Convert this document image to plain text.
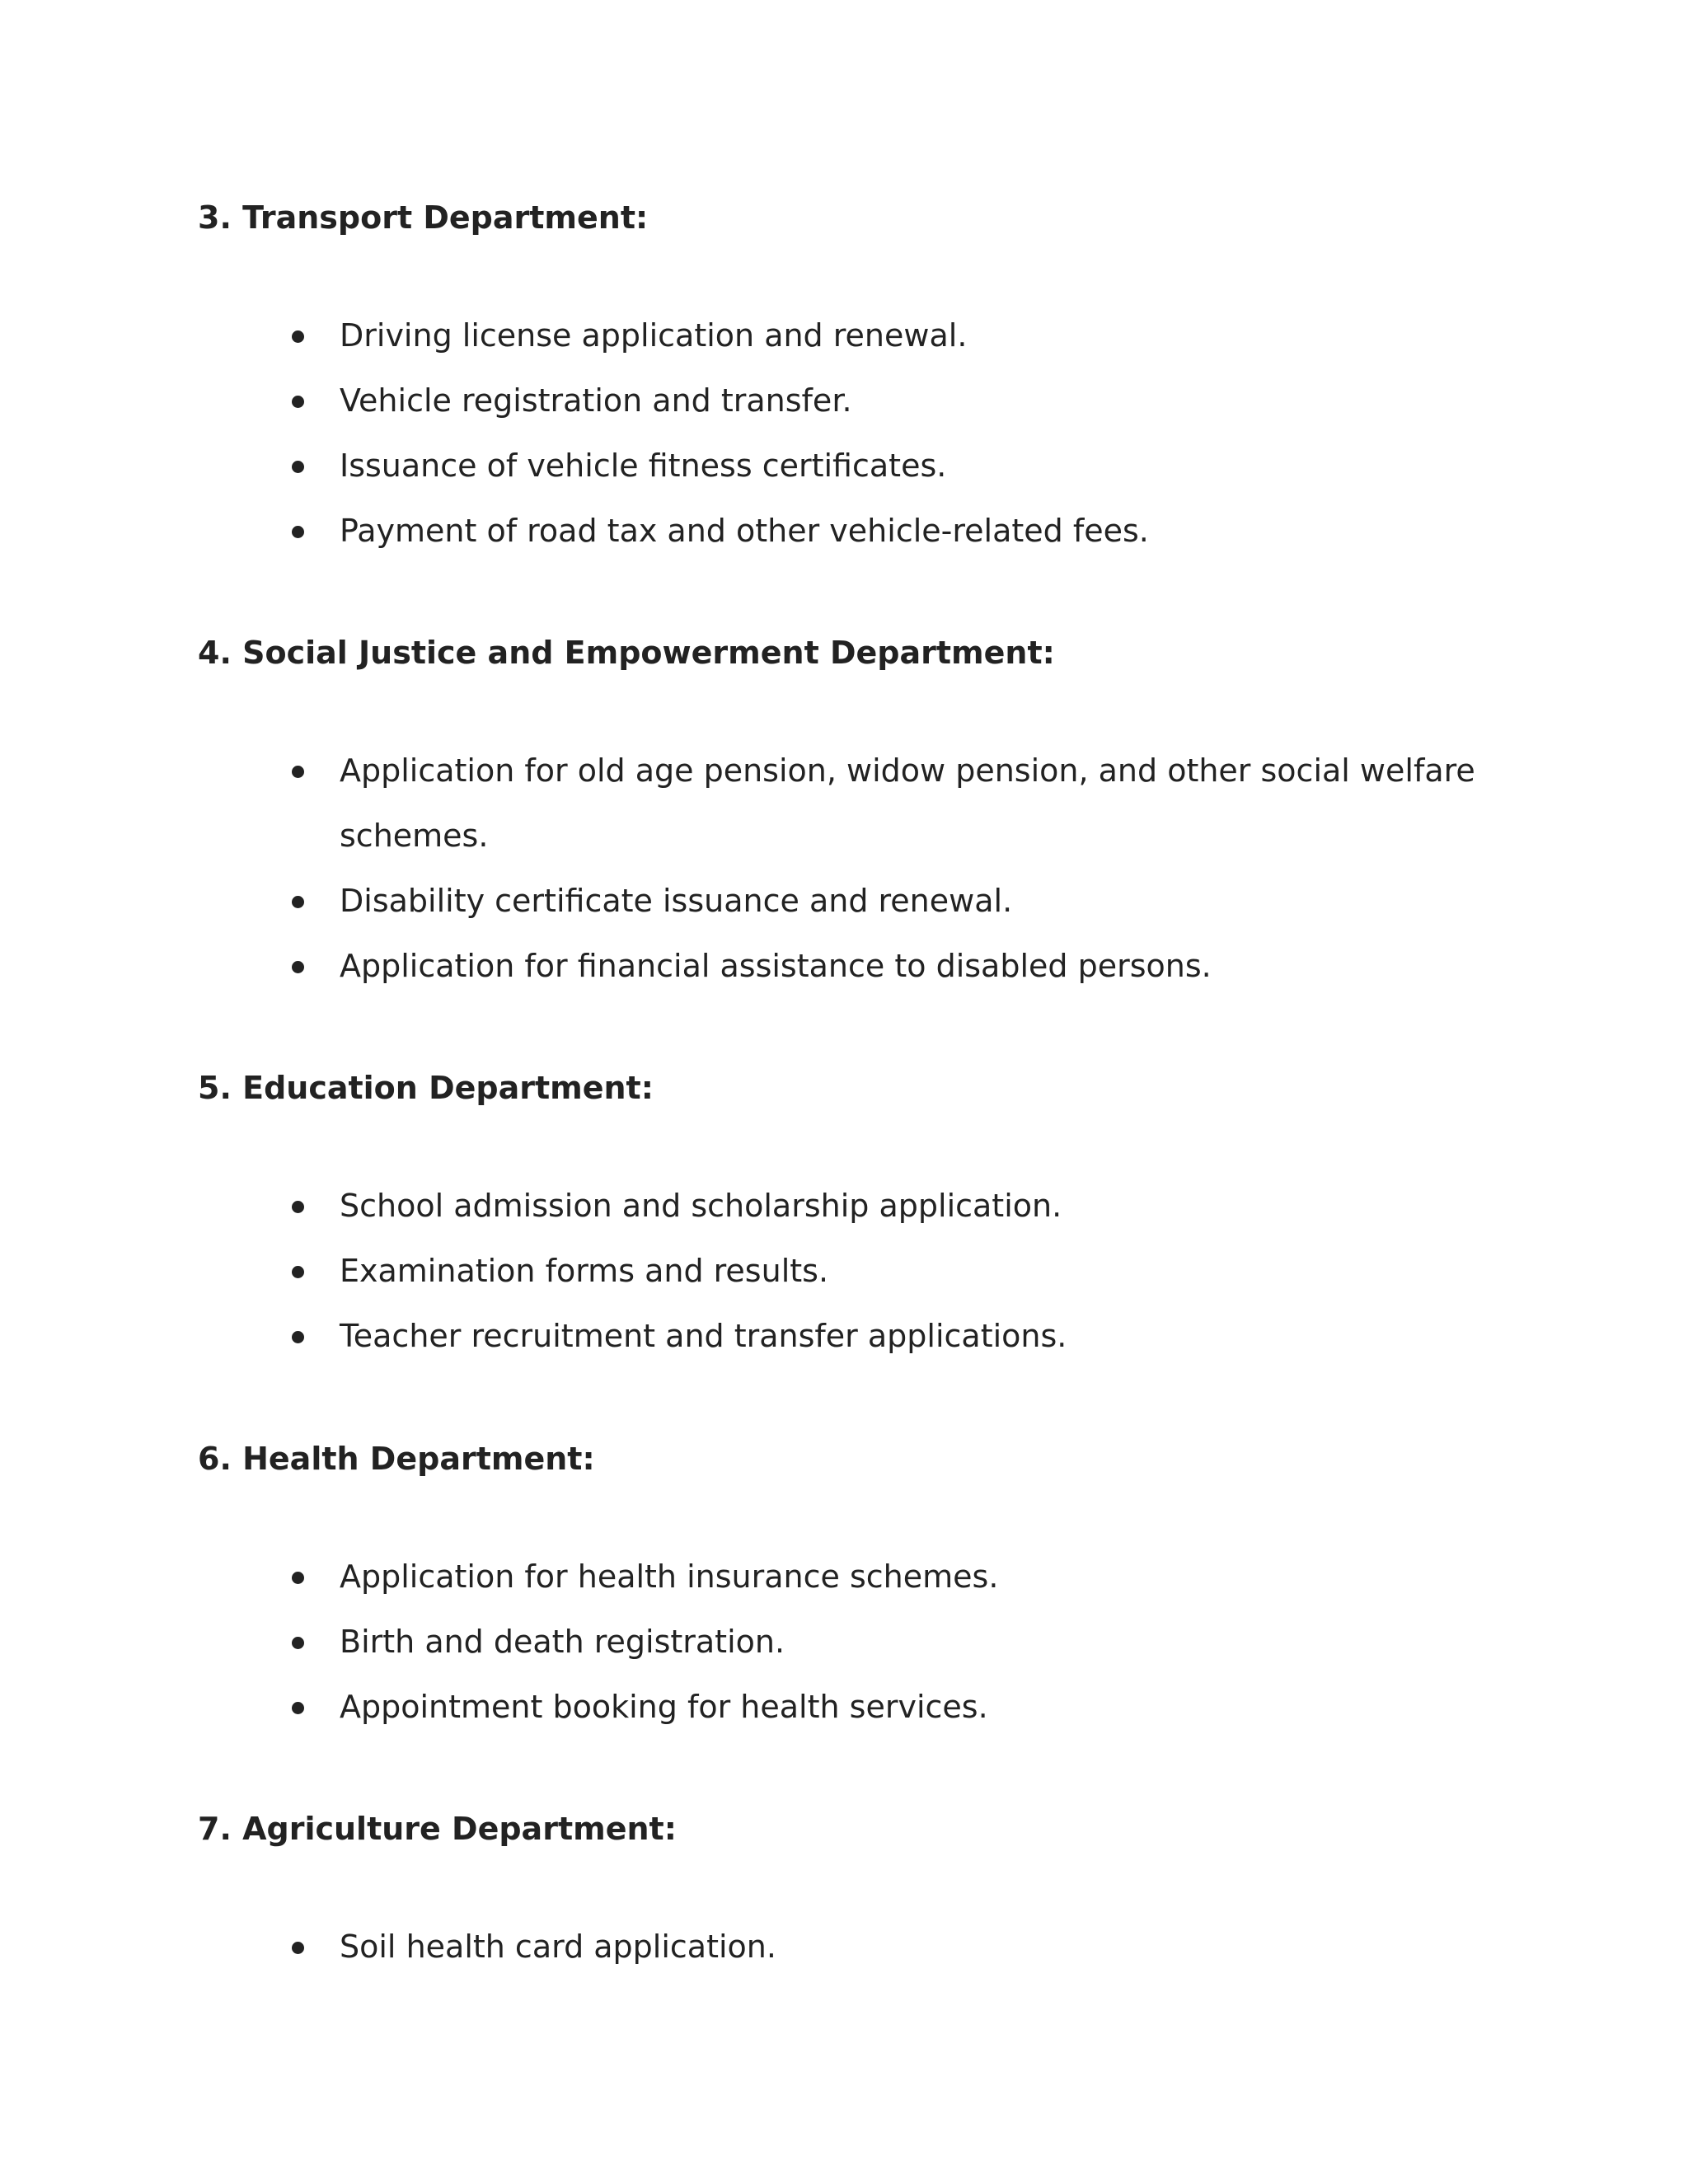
3. Transport Department:
Driving license application and renewal.
Vehicle registration and transfer.
Issuance of vehicle fitness certificates.
Payment of road tax and other vehicle-related fees.
4. Social Justice and Empowerment Department:
Application for old age pension, widow pension, and other social welfare schemes.
Disability certificate issuance and renewal.
Application for financial assistance to disabled persons.
5. Education Department:
School admission and scholarship application.
Examination forms and results.
Teacher recruitment and transfer applications.
6. Health Department:
Application for health insurance schemes.
Birth and death registration.
Appointment booking for health services.
7. Agriculture Department:
Soil health card application.
